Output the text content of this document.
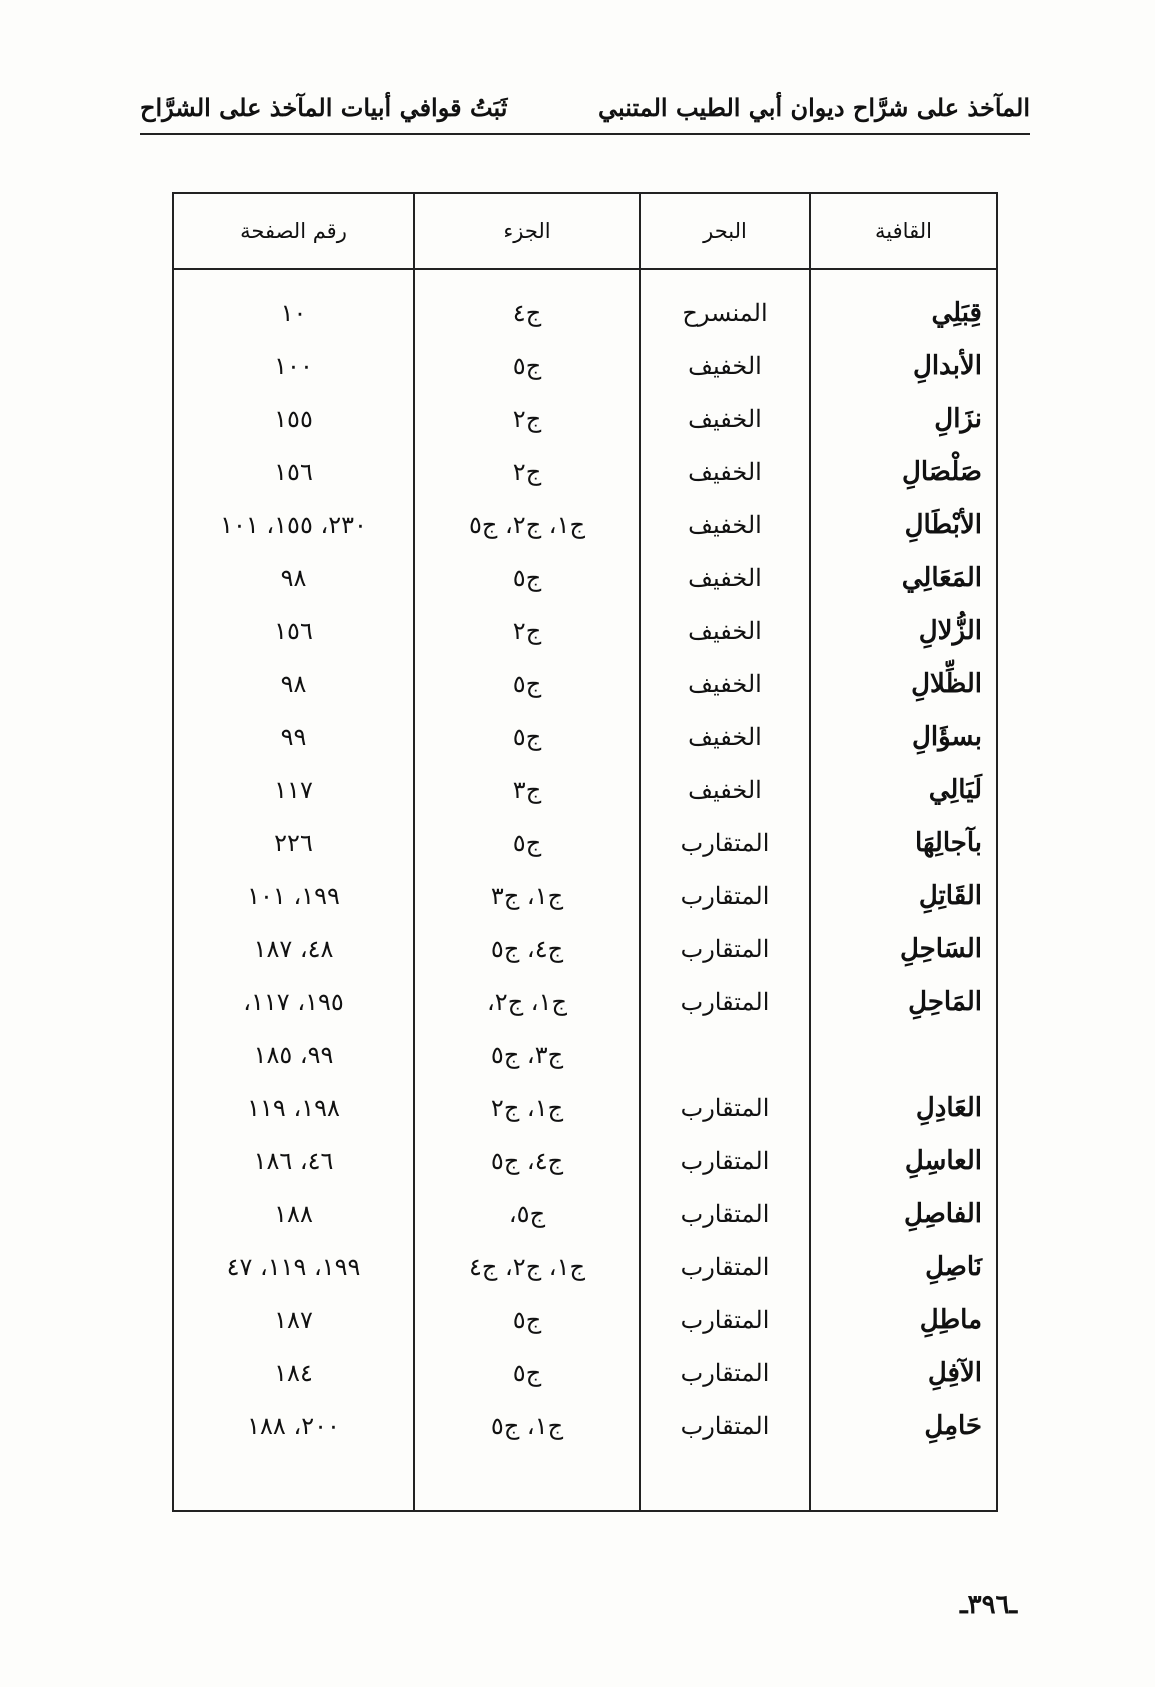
المآخذ على شرَّاح ديوان أبي الطيب المتنبي
ثَبَتُ قوافي أبيات المآخذ على الشرَّاح
القافية	البحر	الجزء	رقم الصفحة

قِبَلِي	المنسرح	ج٤	١٠
الأبدالِ	الخفيف	ج٥	١٠٠
نزَالِ	الخفيف	ج٢	١٥٥
صَلْصَالِ	الخفيف	ج٢	١٥٦
الأبْطَالِ	الخفيف	ج١، ج٢، ج٥	٢٣٠، ١٥٥، ١٠١
المَعَالِي	الخفيف	ج٥	٩٨
الزُّلالِ	الخفيف	ج٢	١٥٦
الظِّلالِ	الخفيف	ج٥	٩٨
بسؤَالِ	الخفيف	ج٥	٩٩
لَيَالِي	الخفيف	ج٣	١١٧
بآجالِهَا	المتقارب	ج٥	٢٢٦
القَاتِلِ	المتقارب	ج١، ج٣	١٩٩، ١٠١
السَاحِلِ	المتقارب	ج٤، ج٥	٤٨، ١٨٧
المَاحِلِ	المتقارب	ج١، ج٢،	١٩٥، ١١٧،
		ج٣، ج٥	٩٩، ١٨٥
العَادِلِ	المتقارب	ج١، ج٢	١٩٨، ١١٩
العاسِلِ	المتقارب	ج٤، ج٥	٤٦، ١٨٦
الفاصِلِ	المتقارب	ج٥،	١٨٨
نَاصِلِ	المتقارب	ج١، ج٢، ج٤	١٩٩، ١١٩، ٤٧
ماطِلِ	المتقارب	ج٥	١٨٧
الآفِلِ	المتقارب	ج٥	١٨٤
حَامِلِ	المتقارب	ج١، ج٥	٢٠٠، ١٨٨

ـ٣٩٦ـ
